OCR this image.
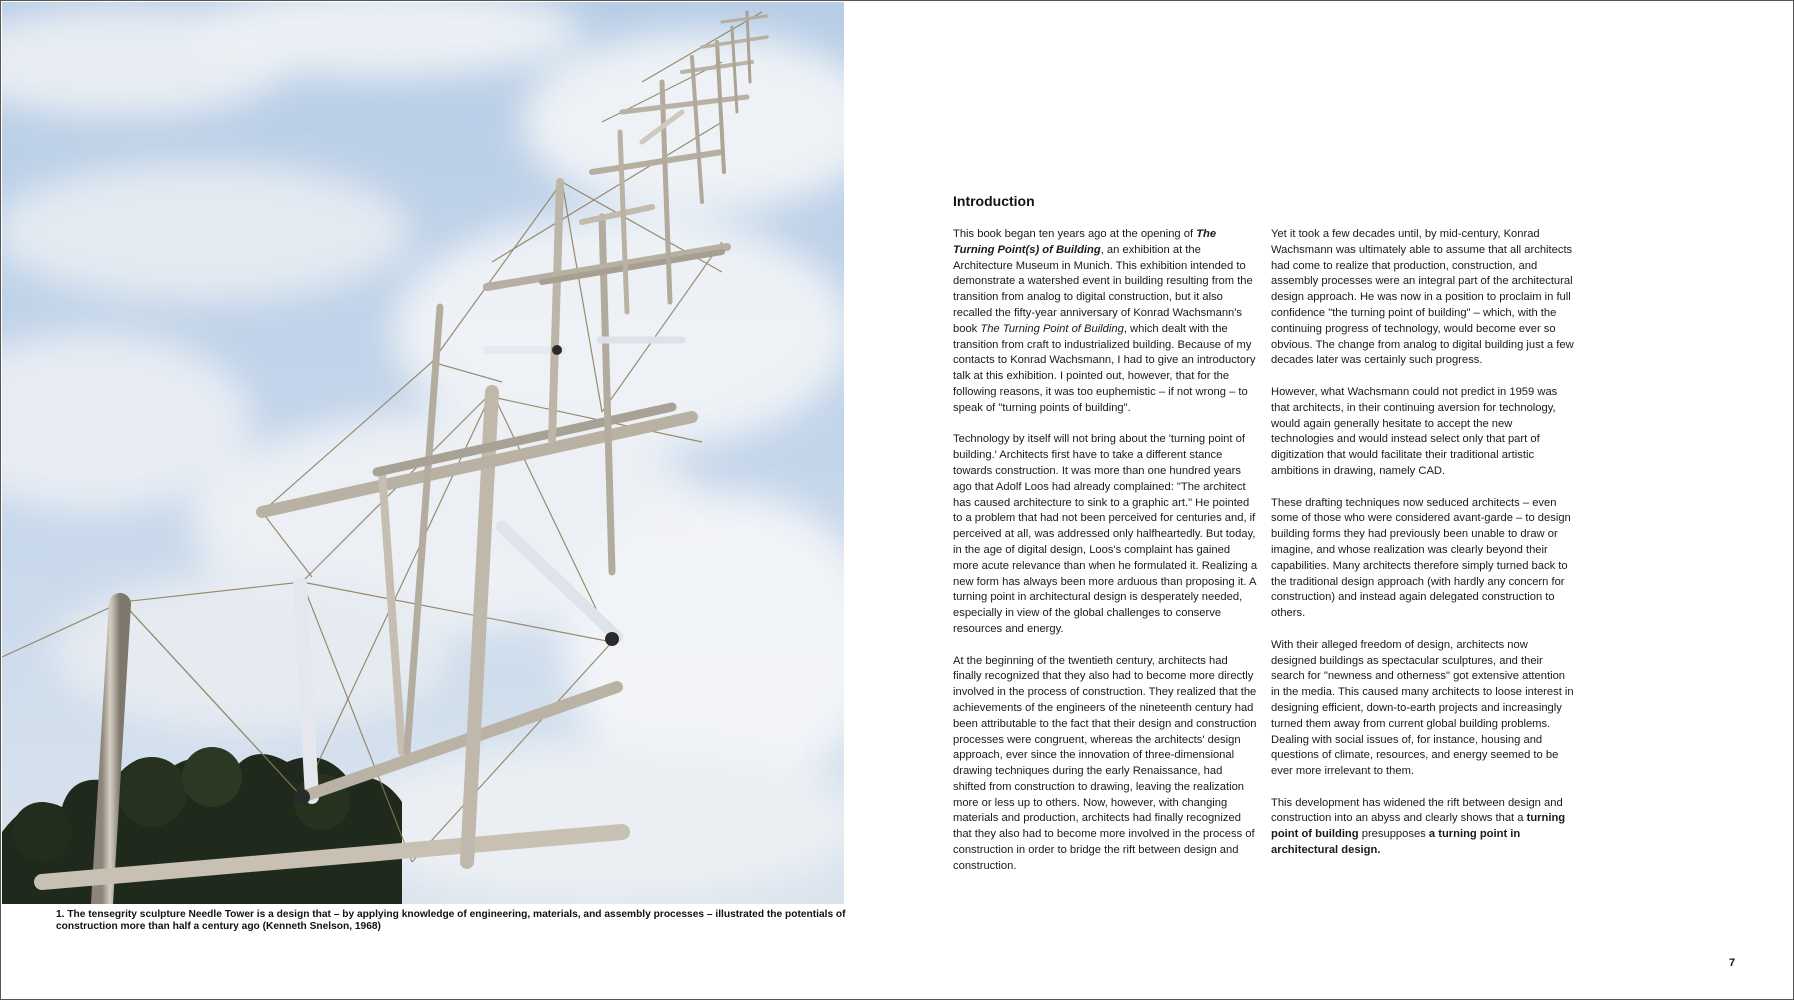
1. The tensegrity sculpture Needle Tower is a design that – by applying knowledge of engineering, materials, and assembly processes – illustrated the potentials of construction more than half a century ago (Kenneth Snelson, 1968)
Introduction

This book began ten years ago at the opening of The Turning Point(s) of Building, an exhibition at the Architecture Museum in Munich. This exhibition intended to demonstrate a watershed event in building resulting from the transition from analog to digital construction, but it also recalled the fifty-year anniversary of Konrad Wachsmann's book The Turning Point of Building, which dealt with the transition from craft to industrialized building. Because of my contacts to Konrad Wachsmann, I had to give an introductory talk at this exhibition. I pointed out, however, that for the following reasons, it was too euphemistic – if not wrong – to speak of "turning points of building".

Technology by itself will not bring about the 'turning point of building.' Architects first have to take a different stance towards construction. It was more than one hundred years ago that Adolf Loos had already complained: "The architect has caused architecture to sink to a graphic art." He pointed to a problem that had not been perceived for centuries and, if perceived at all, was addressed only halfheartedly. But today, in the age of digital design, Loos's complaint has gained more acute relevance than when he formulated it. Realizing a new form has always been more arduous than proposing it. A turning point in architectural design is desperately needed, especially in view of the global challenges to conserve resources and energy.

At the beginning of the twentieth century, architects had finally recognized that they also had to become more directly involved in the process of construction. They realized that the achievements of the engineers of the nineteenth century had been attributable to the fact that their design and construction processes were congruent, whereas the architects' design approach, ever since the innovation of three-dimensional drawing techniques during the early Renaissance, had shifted from construction to drawing, leaving the realization more or less up to others. Now, however, with changing materials and production, architects had finally recognized that they also had to become more involved in the process of construction in order to bridge the rift between design and construction.

Yet it took a few decades until, by mid-century, Konrad Wachsmann was ultimately able to assume that all architects had come to realize that production, construction, and assembly processes were an integral part of the architectural design approach. He was now in a position to proclaim in full confidence "the turning point of building" – which, with the continuing progress of technology, would become ever so obvious. The change from analog to digital building just a few decades later was certainly such progress.

However, what Wachsmann could not predict in 1959 was that architects, in their continuing aversion for technology, would again generally hesitate to accept the new technologies and would instead select only that part of digitization that would facilitate their traditional artistic ambitions in drawing, namely CAD.

These drafting techniques now seduced architects – even some of those who were considered avant-garde – to design building forms they had previously been unable to draw or imagine, and whose realization was clearly beyond their capabilities. Many architects therefore simply turned back to the traditional design approach (with hardly any concern for construction) and instead again delegated construction to others.

With their alleged freedom of design, architects now designed buildings as spectacular sculptures, and their search for "newness and otherness" got extensive attention in the media. This caused many architects to loose interest in designing efficient, down-to-earth projects and increasingly turned them away from current global building problems. Dealing with social issues of, for instance, housing and questions of climate, resources, and energy seemed to be ever more irrelevant to them.

This development has widened the rift between design and construction into an abyss and clearly shows that a turning point of building presupposes a turning point in architectural design.

7
